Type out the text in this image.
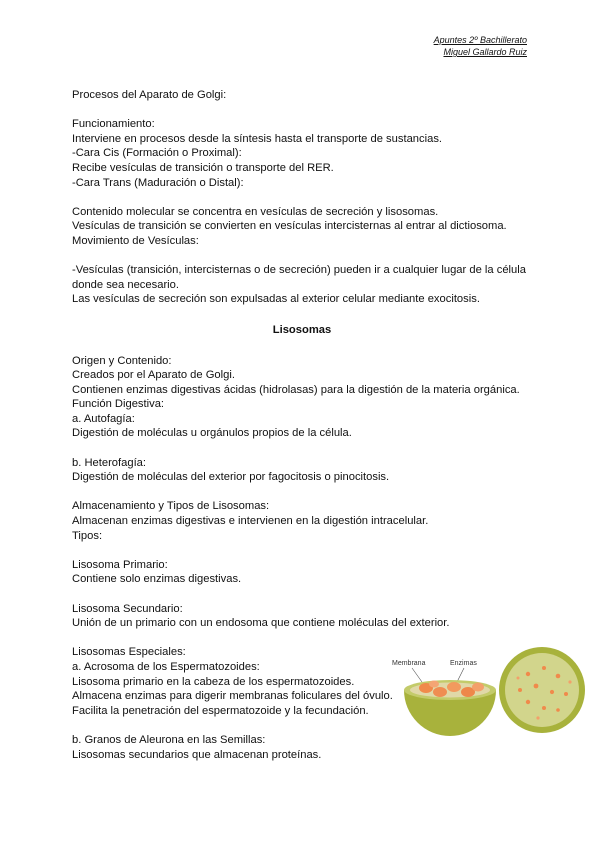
Apuntes 2º Bachillerato
Miguel Gallardo Ruiz
Procesos del Aparato de Golgi:
Funcionamiento:
Interviene en procesos desde la síntesis hasta el transporte de sustancias.
-Cara Cis (Formación o Proximal):
Recibe vesículas de transición o transporte del RER.
-Cara Trans (Maduración o Distal):
Contenido molecular se concentra en vesículas de secreción y lisosomas.
Vesículas de transición se convierten en vesículas intercisternas al entrar al dictiosoma.
Movimiento de Vesículas:
-Vesículas (transición, intercisternas o de secreción) pueden ir a cualquier lugar de la célula
donde sea necesario.
Las vesículas de secreción son expulsadas al exterior celular mediante exocitosis.
Lisosomas
Origen y Contenido:
Creados por el Aparato de Golgi.
Contienen enzimas digestivas ácidas (hidrolasas) para la digestión de la materia orgánica.
Función Digestiva:
a. Autofagía:
Digestión de moléculas u orgánulos propios de la célula.
b. Heterofagía:
Digestión de moléculas del exterior por fagocitosis o pinocitosis.
Almacenamiento y Tipos de Lisosomas:
Almacenan enzimas digestivas e intervienen en la digestión intracelular.
Tipos:
Lisosoma Primario:
Contiene solo enzimas digestivas.
Lisosoma Secundario:
Unión de un primario con un endosoma que contiene moléculas del exterior.
Lisosomas Especiales:
a. Acrosoma de los Espermatozoides:
Lisosoma primario en la cabeza de los espermatozoides.
Almacena enzimas para digerir membranas foliculares del óvulo.
Facilita la penetración del espermatozoide y la fecundación.
b. Granos de Aleurona en las Semillas:
Lisosomas secundarios que almacenan proteínas.
Membrana	Enzimas
